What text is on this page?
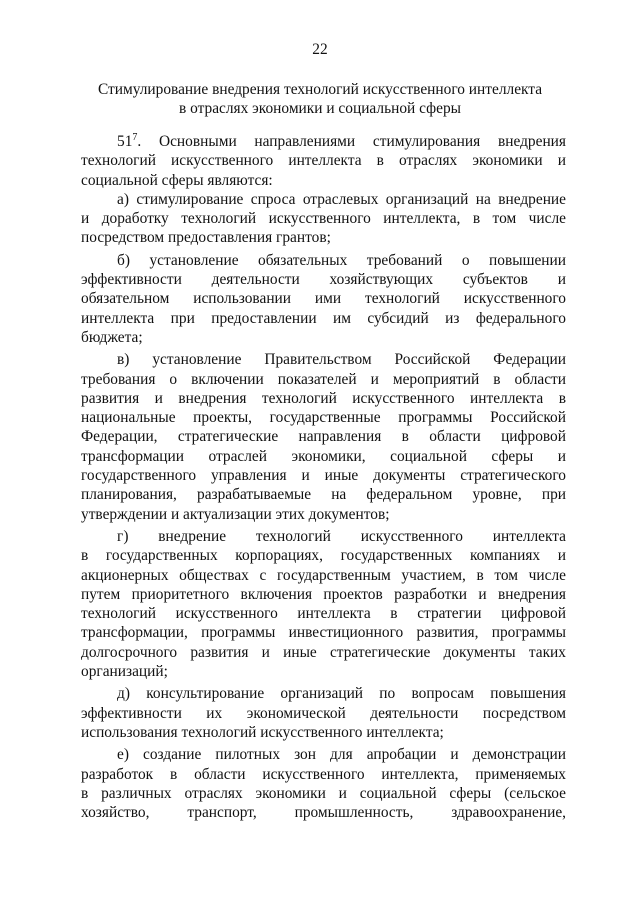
22
Стимулирование внедрения технологий искусственного интеллекта
в отраслях экономики и социальной сферы
$51^7$. Основными направлениями стимулирования внедрения
технологий искусственного интеллекта в отраслях экономики и
социальной сферы являются:
а) стимулирование спроса отраслевых организаций на внедрение
и доработку технологий искусственного интеллекта, в том числе
посредством предоставления грантов;
б) установление обязательных требований о повышении
эффективности деятельности хозяйствующих субъектов и
обязательном использовании ими технологий искусственного
интеллекта при предоставлении им субсидий из федерального
бюджета;
в) установление Правительством Российской Федерации
требования о включении показателей и мероприятий в области
развития и внедрения технологий искусственного интеллекта в
национальные проекты, государственные программы Российской
Федерации, стратегические направления в области цифровой
трансформации отраслей экономики, социальной сферы и
государственного управления и иные документы стратегического
планирования, разрабатываемые на федеральном уровне, при
утверждении и актуализации этих документов;
г) внедрение технологий искусственного интеллекта
в государственных корпорациях, государственных компаниях и
акционерных обществах с государственным участием, в том числе
путем приоритетного включения проектов разработки и внедрения
технологий искусственного интеллекта в стратегии цифровой
трансформации, программы инвестиционного развития, программы
долгосрочного развития и иные стратегические документы таких
организаций;
д) консультирование организаций по вопросам повышения
эффективности их экономической деятельности посредством
использования технологий искусственного интеллекта;
е) создание пилотных зон для апробации и демонстрации
разработок в области искусственного интеллекта, применяемых
в различных отраслях экономики и социальной сферы (сельское
хозяйство, транспорт, промышленность, здравоохранение,
